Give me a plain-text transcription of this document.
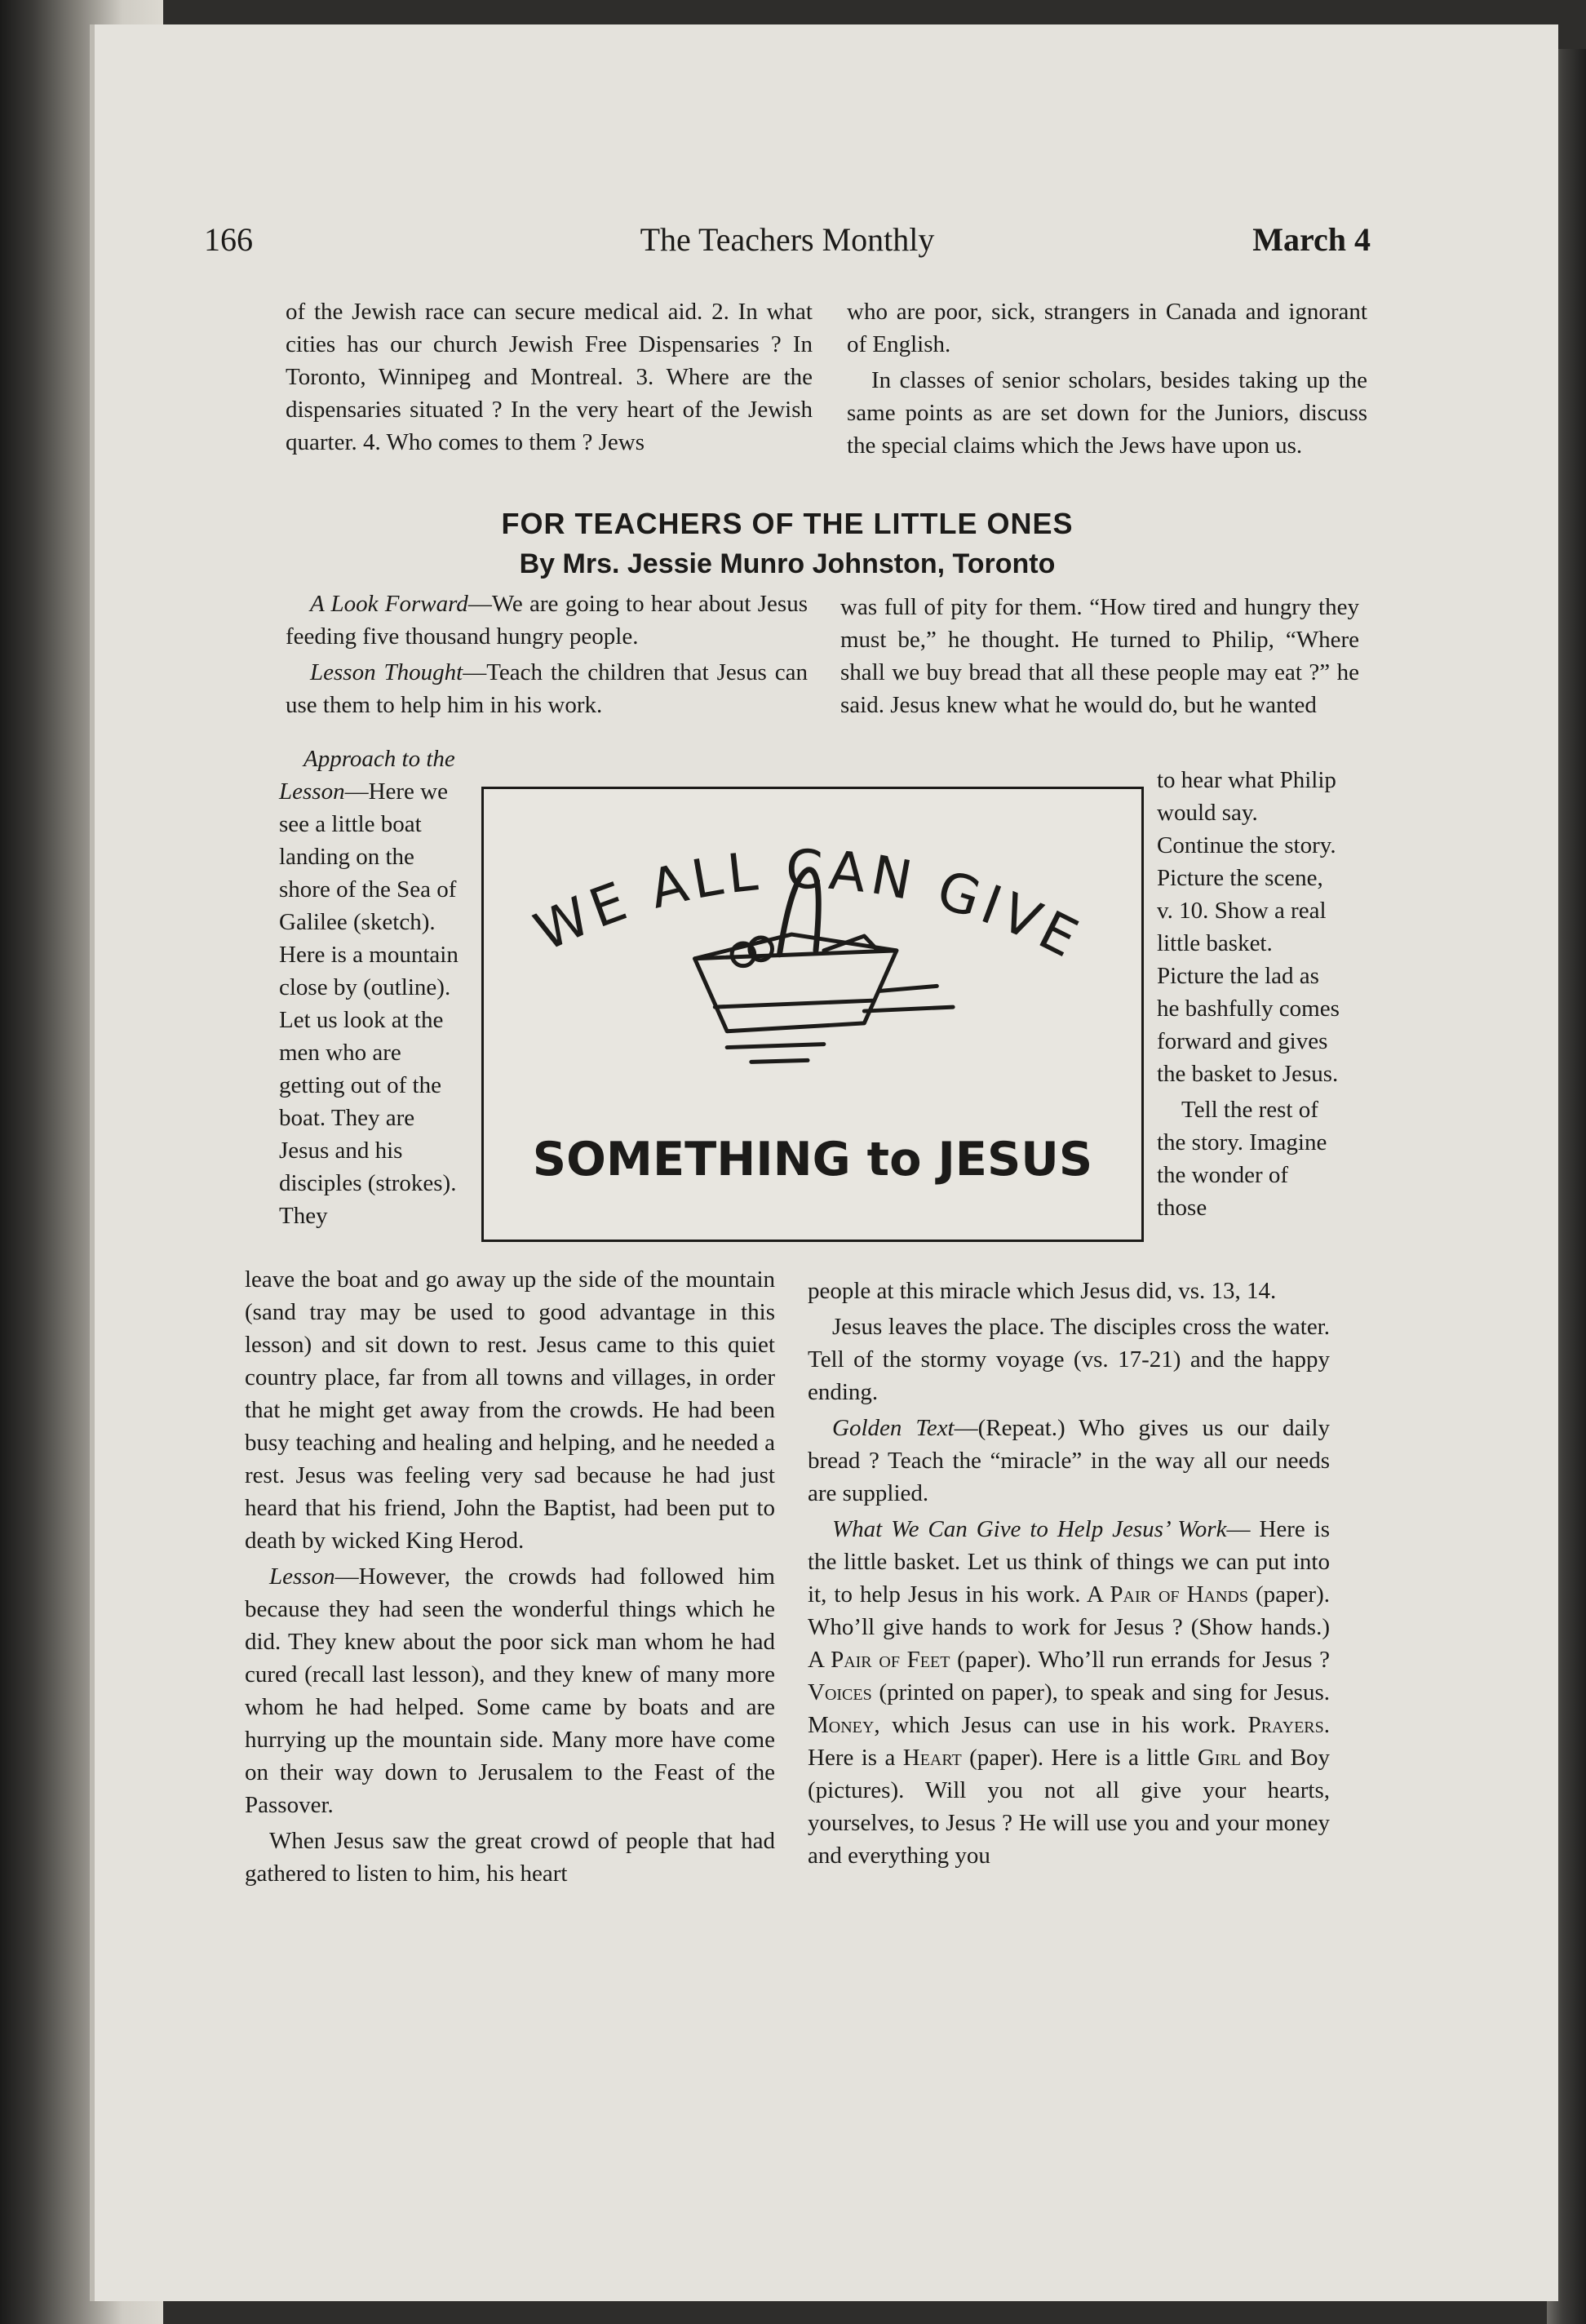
166	The Teachers Monthly	March 4

of the Jewish race can secure medical aid. 2. In what cities has our church Jewish Free Dispensaries ? In Toronto, Winnipeg and Montreal. 3. Where are the dispensaries situated ? In the very heart of the Jewish quarter. 4. Who comes to them ? Jews

who are poor, sick, strangers in Canada and ignorant of English.

In classes of senior scholars, besides taking up the same points as are set down for the Juniors, discuss the special claims which the Jews have upon us.

FOR TEACHERS OF THE LITTLE ONES
By Mrs. Jessie Munro Johnston, Toronto

A Look Forward—We are going to hear about Jesus feeding five thousand hungry people.

Lesson Thought—Teach the children that Jesus can use them to help him in his work.

Approach to the Lesson—Here we see a little boat landing on the shore of the Sea of Galilee (sketch). Here is a mountain close by (outline). Let us look at the men who are getting out of the boat. They are Jesus and his disciples (strokes). They

leave the boat and go away up the side of the mountain (sand tray may be used to good advantage in this lesson) and sit down to rest. Jesus came to this quiet country place, far from all towns and villages, in order that he might get away from the crowds. He had been busy teaching and healing and helping, and he needed a rest. Jesus was feeling very sad because he had just heard that his friend, John the Baptist, had been put to death by wicked King Herod.

Lesson—However, the crowds had followed him because they had seen the wonderful things which he did. They knew about the poor sick man whom he had cured (recall last lesson), and they knew of many more whom he had helped. Some came by boats and are hurrying up the mountain side. Many more have come on their way down to Jerusalem to the Feast of the Passover.

When Jesus saw the great crowd of people that had gathered to listen to him, his heart

was full of pity for them. “How tired and hungry they must be,” he thought. He turned to Philip, “Where shall we buy bread that all these people may eat ?” he said. Jesus knew what he would do, but he wanted

to hear what Philip would say. Continue the story. Picture the scene, v. 10. Show a real little basket. Picture the lad as he bashfully comes forward and gives the basket to Jesus.

Tell the rest of the story. Imagine the wonder of those

people at this miracle which Jesus did, vs. 13, 14.

Jesus leaves the place. The disciples cross the water. Tell of the stormy voyage (vs. 17-21) and the happy ending.

Golden Text—(Repeat.) Who gives us our daily bread ? Teach the “miracle” in the way all our needs are supplied.

What We Can Give to Help Jesus’ Work— Here is the little basket. Let us think of things we can put into it, to help Jesus in his work. A Pair of Hands (paper). Who’ll give hands to work for Jesus ? (Show hands.) A Pair of Feet (paper). Who’ll run errands for Jesus ? Voices (printed on paper), to speak and sing for Jesus. Money, which Jesus can use in his work. Prayers. Here is a Heart (paper). Here is a little Girl and Boy (pictures). Will you not all give your hearts, yourselves, to Jesus ? He will use you and your money and everything you

WE ALL CAN GIVE
SOMETHING to JESUS
